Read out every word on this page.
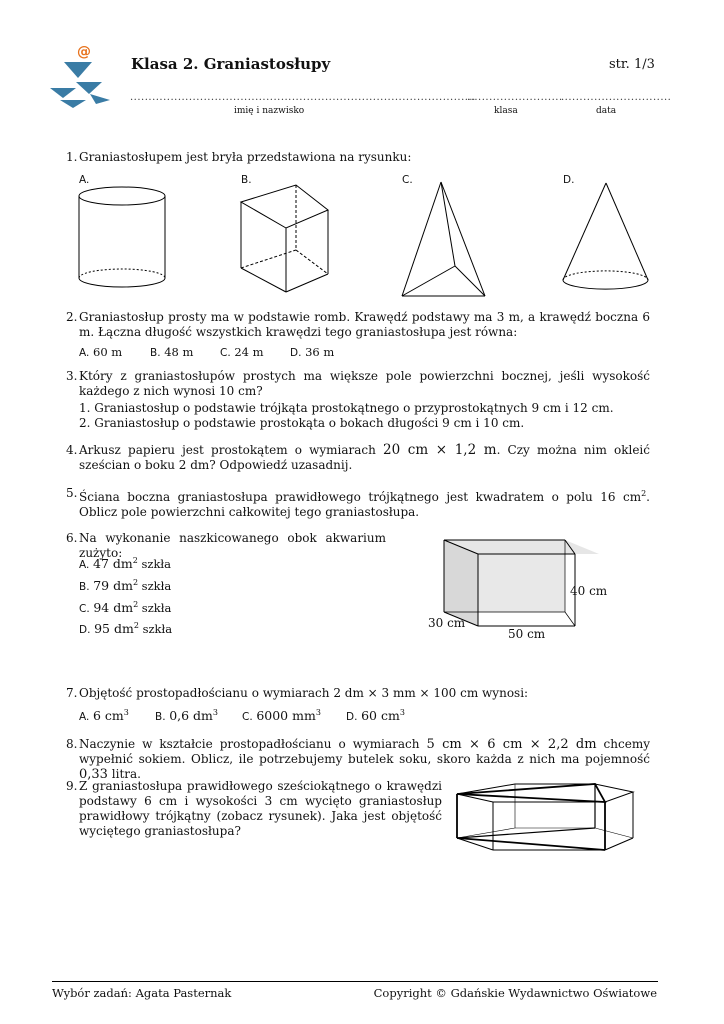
@
Klasa 2. Graniastosłupy	str. 1/3
..............................................................................................
..........................
..............................
imię i nazwisko	klasa	data
1. Graniastosłupem jest bryła przedstawiona na rysunku:
A.	B.	C.	D.
2. Graniastosłup prosty ma w podstawie romb. Krawędź podstawy ma 3 m, a krawędź boczna 6 m. Łączna długość wszystkich krawędzi tego graniastosłupa jest równa:
A. 60 m	B. 48 m	C. 24 m	D. 36 m
3. Który z graniastosłupów prostych ma większe pole powierzchni bocznej, jeśli wysokość każdego z nich wynosi 10 cm?
1. Graniastosłup o podstawie trójkąta prostokątnego o przyprostokątnych 9 cm i 12 cm.
2. Graniastosłup o podstawie prostokąta o bokach długości 9 cm i 10 cm.
4. Arkusz papieru jest prostokątem o wymiarach 20 cm × 1,2 m. Czy można nim okleić sześcian o boku 2 dm? Odpowiedź uzasadnij.
5. Ściana boczna graniastosłupa prawidłowego trójkątnego jest kwadratem o polu 16 $cm^2$. Oblicz pole powierzchni całkowitej tego graniastosłupa.
6. Na wykonanie naszkicowanego obok akwarium zużyto:
A. 47 $dm^2$ szkła
B. 79 $dm^2$ szkła
C. 94 $dm^2$ szkła
D. 95 $dm^2$ szkła
40 cm
30 cm
50 cm
7. Objętość prostopadłościanu o wymiarach 2 dm × 3 mm × 100 cm wynosi:
A. 6 $cm^3$ B. 0,6 $dm^3$ C. 6000 $mm^3$ D. 60 $cm^3$
8. Naczynie w kształcie prostopadłościanu o wymiarach 5 cm × 6 cm × 2,2 dm chcemy wypełnić sokiem. Oblicz, ile potrzebujemy butelek soku, skoro każda z nich ma pojemność 0,33 litra.
9. Z graniastosłupa prawidłowego sześciokątnego o krawędzi podstawy 6 cm i wysokości 3 cm wycięto graniastosłup prawidłowy trójkątny (zobacz rysunek). Jaka jest objętość wyciętego graniastosłupa?
Wybór zadań: Agata Pasternak	Copyright © Gdańskie Wydawnictwo Oświatowe
